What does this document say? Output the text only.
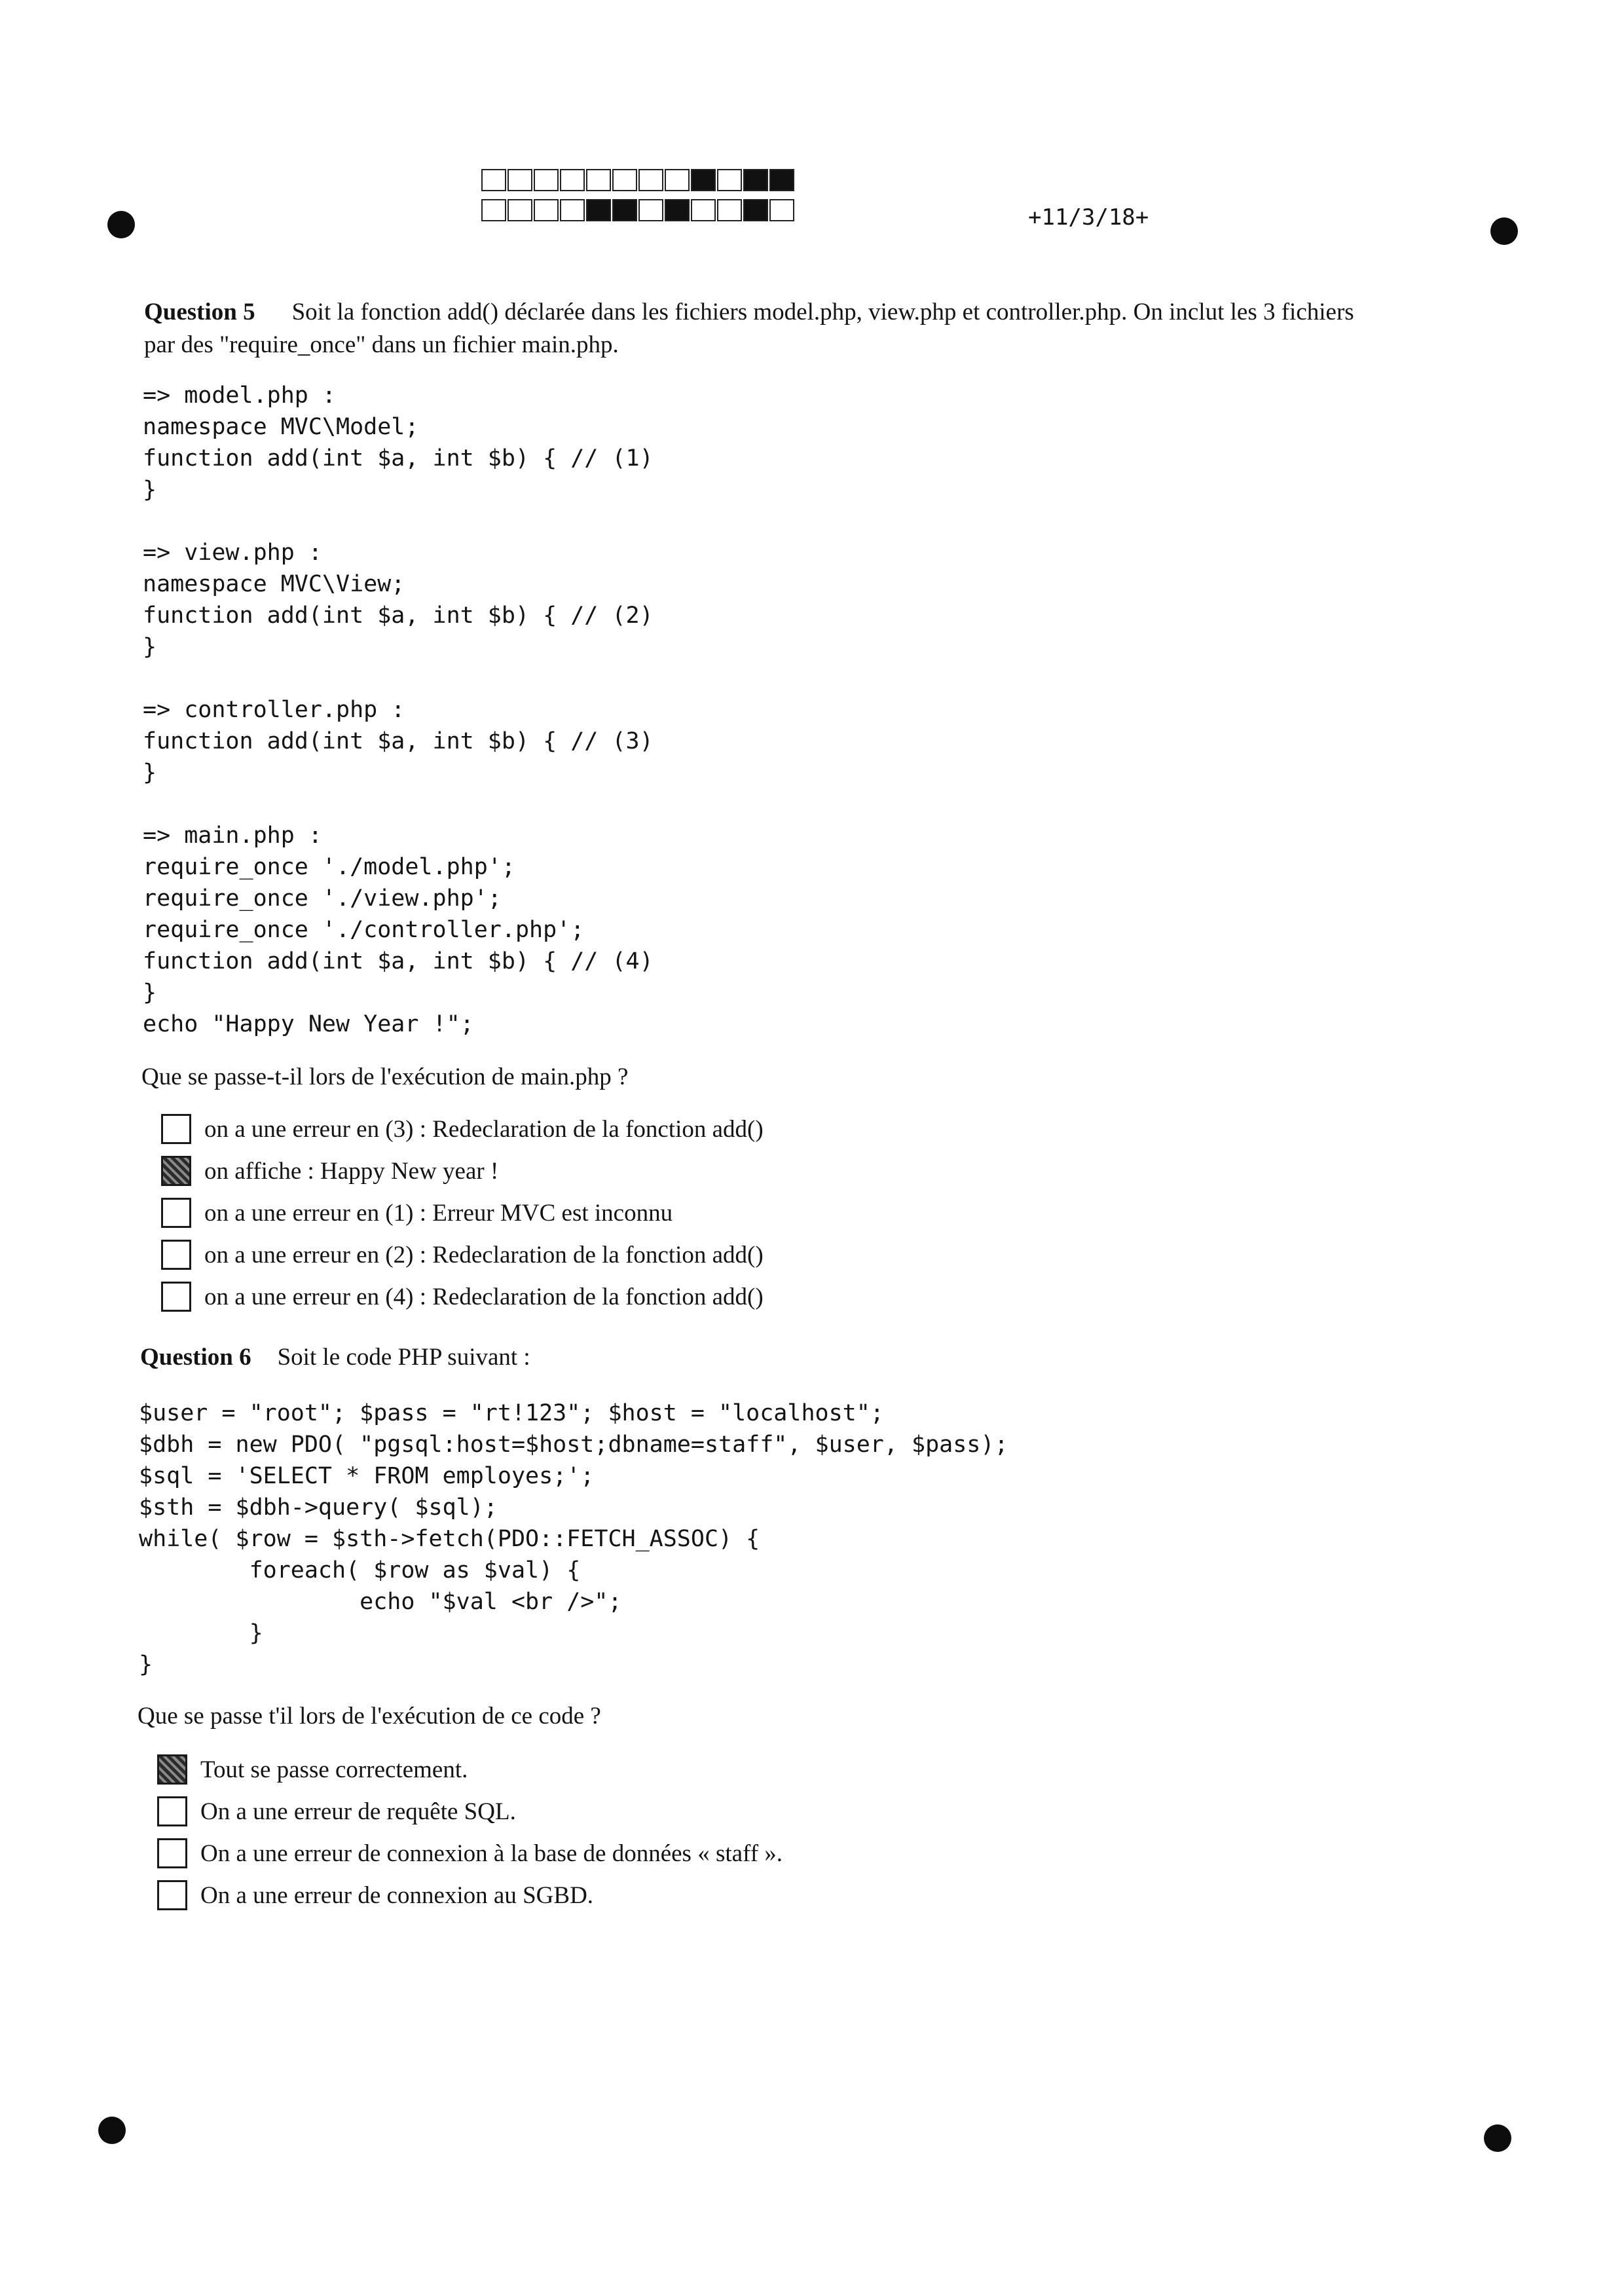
+11/3/18+
Question 5 Soit la fonction add() déclarée dans les fichiers model.php, view.php et controller.php. On inclut les 3 fichiers
par des "require_once" dans un fichier main.php.
=> model.php :
namespace MVC\Model;
function add(int $a, int $b) { // (1)
}

=> view.php :
namespace MVC\View;
function add(int $a, int $b) { // (2)
}

=> controller.php :
function add(int $a, int $b) { // (3)
}

=> main.php :
require_once './model.php';
require_once './view.php';
require_once './controller.php';
function add(int $a, int $b) { // (4)
}
echo "Happy New Year !";
Que se passe-t-il lors de l'exécution de main.php ?
on a une erreur en (3) : Redeclaration de la fonction add()
on affiche : Happy New year !
on a une erreur en (1) : Erreur MVC est inconnu
on a une erreur en (2) : Redeclaration de la fonction add()
on a une erreur en (4) : Redeclaration de la fonction add()
Question 6 Soit le code PHP suivant :
$user = "root"; $pass = "rt!123"; $host = "localhost";
$dbh = new PDO( "pgsql:host=$host;dbname=staff", $user, $pass);
$sql = 'SELECT * FROM employes;';
$sth = $dbh->query( $sql);
while( $row = $sth->fetch(PDO::FETCH_ASSOC) {
foreach( $row as $val) {
echo "$val <br />";
}
}
Que se passe t'il lors de l'exécution de ce code ?
Tout se passe correctement.
On a une erreur de requête SQL.
On a une erreur de connexion à la base de données « staff ».
On a une erreur de connexion au SGBD.
